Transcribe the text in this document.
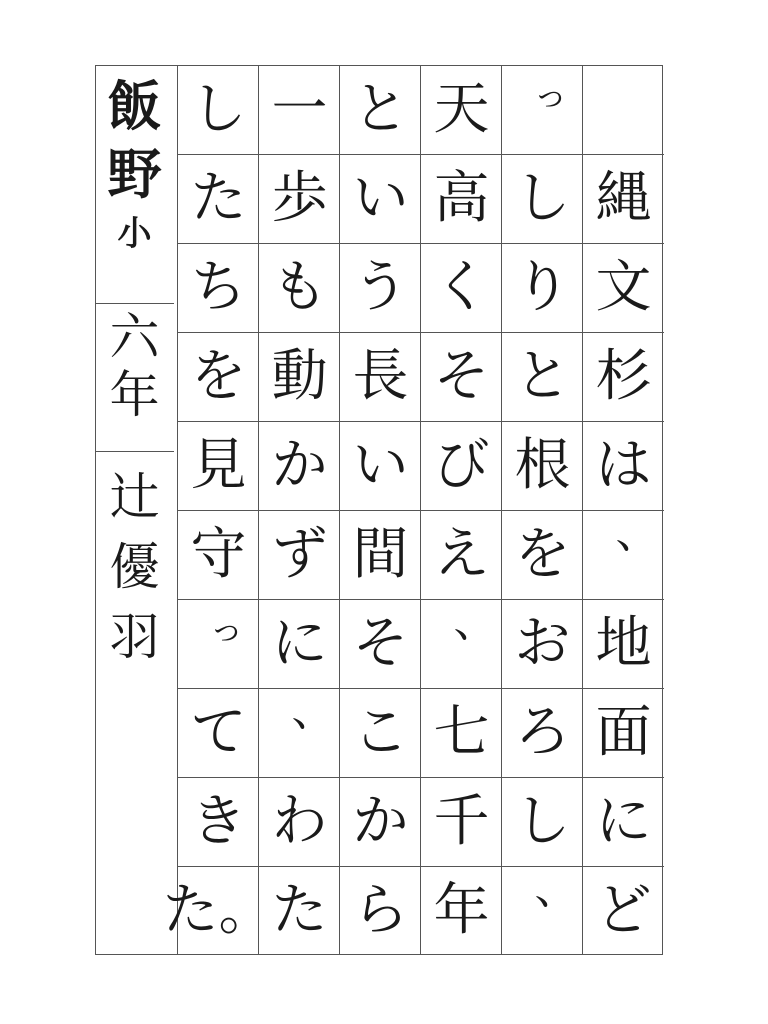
縄
文
杉
は
、
地
面
に
ど
っ
し
り
と
根
を
お
ろ
し
、
天
高
く
そ
び
え
、
七
千
年
と
い
う
長
い
間
そ
こ
か
ら
一
歩
も
動
か
ず
に
、
わ
た
し
た
ち
を
見
守
っ
て
き
た。
飯
野
小
六
年
辻
優
羽
